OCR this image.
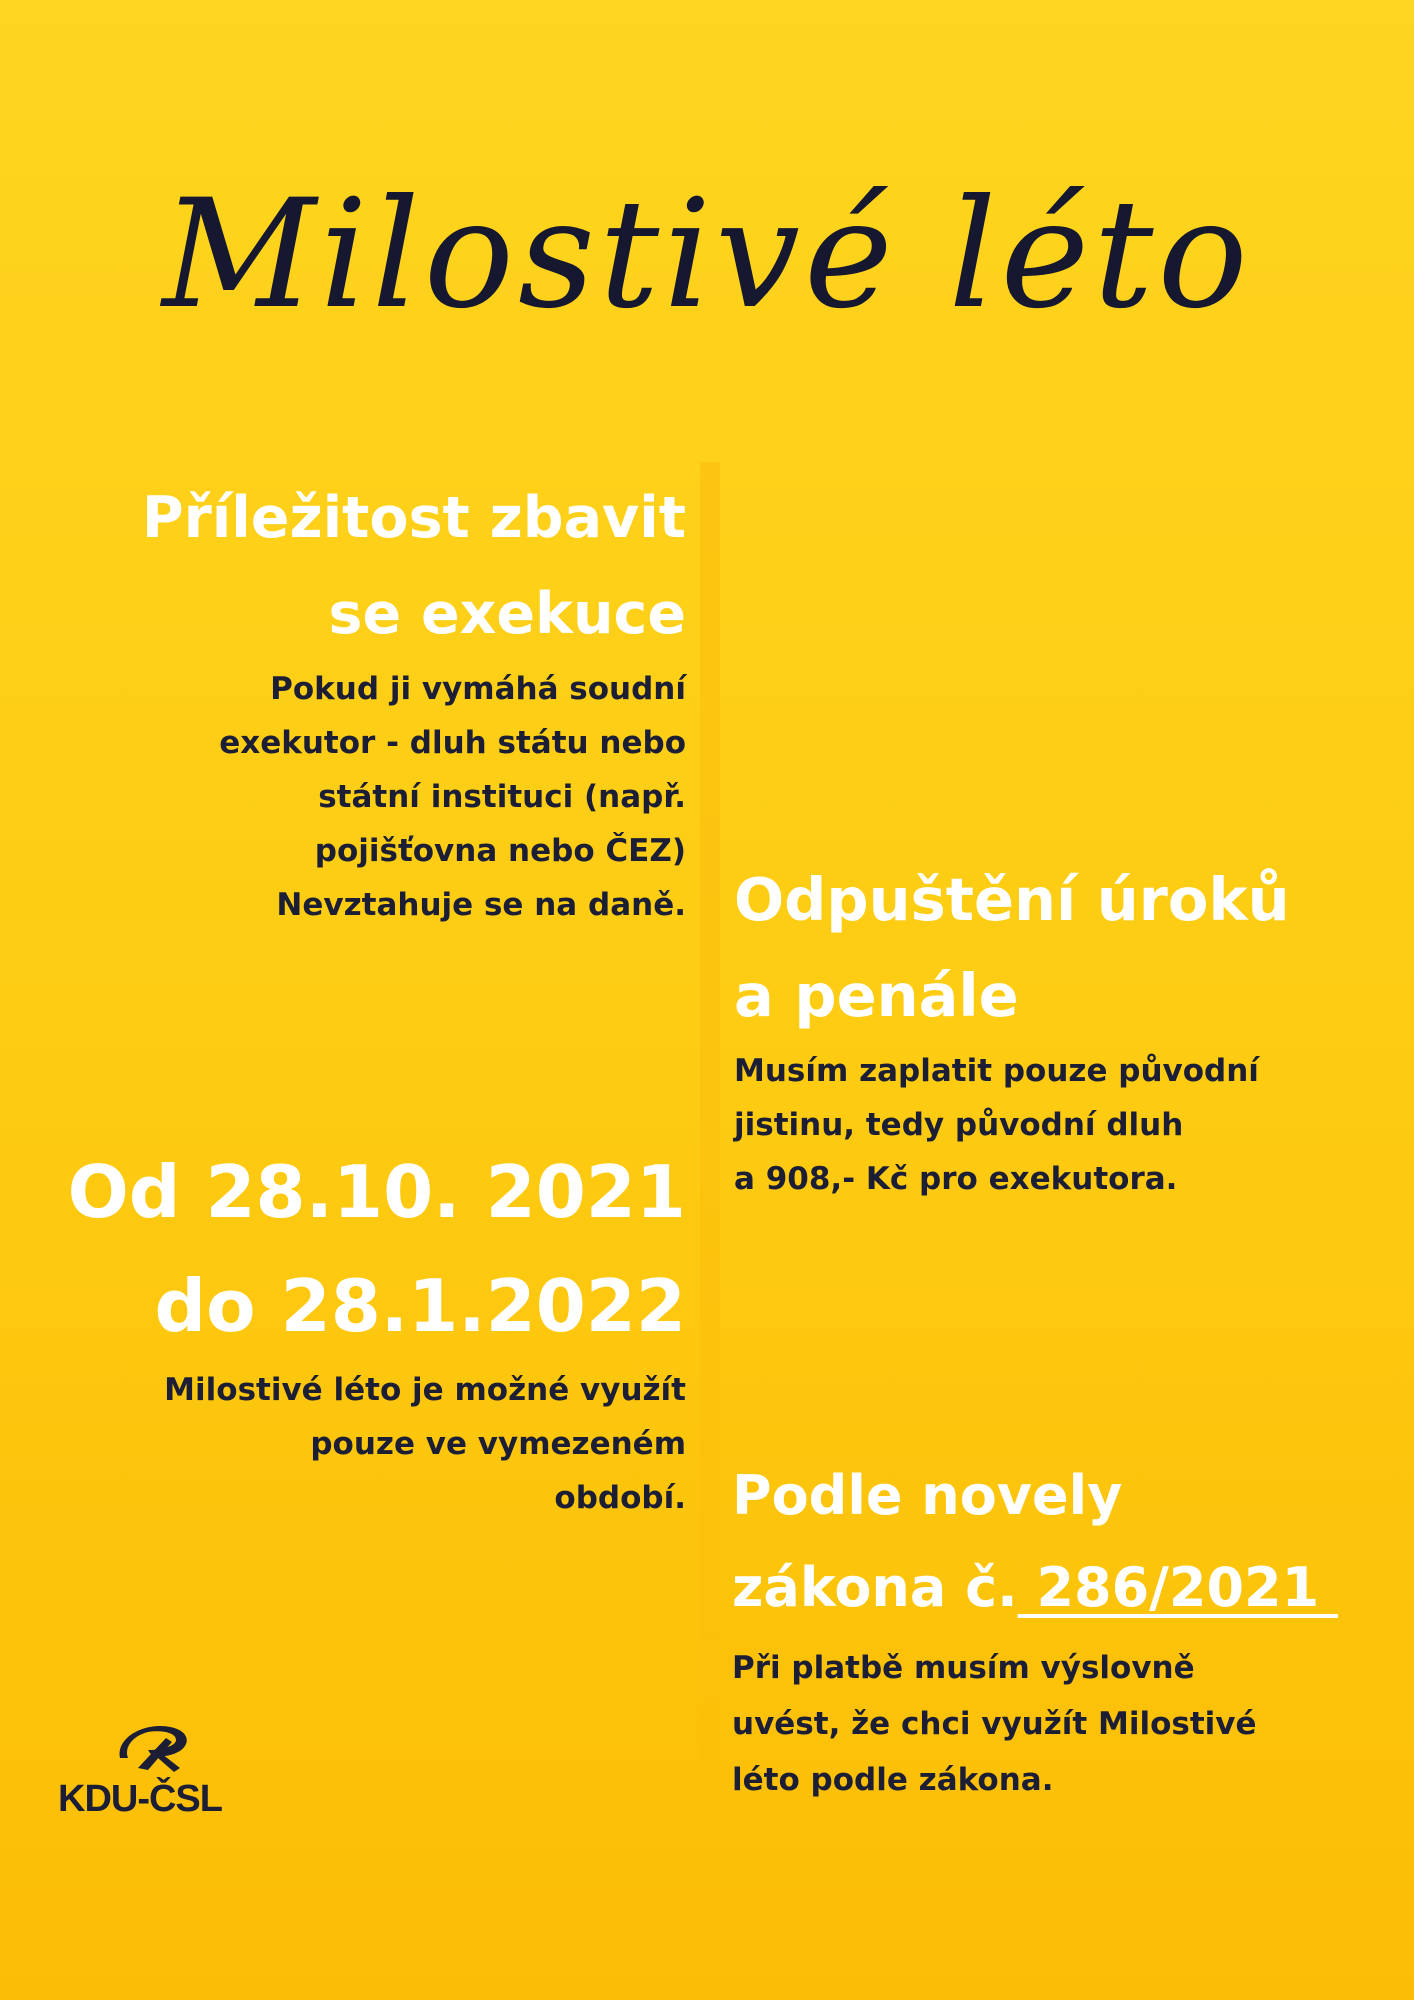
Milostivé léto
Příležitost zbavit
se exekuce
Pokud ji vymáhá soudní
exekutor - dluh státu nebo
státní instituci (např.
pojišťovna nebo ČEZ)
Nevztahuje se na daně. Odpuštění úroků
a penále
Musím zaplatit pouze původní
jistinu, tedy původní dluh
a 908,- Kč pro exekutora.
Od 28.10. 2021
do 28.1.2022
Milostivé léto je možné využít
pouze ve vymezeném
období. Podle novely
zákona č. 286/2021
Při platbě musím výslovně
uvést, že chci využít Milostivé
léto podle zákona.
KDU-ČSL
